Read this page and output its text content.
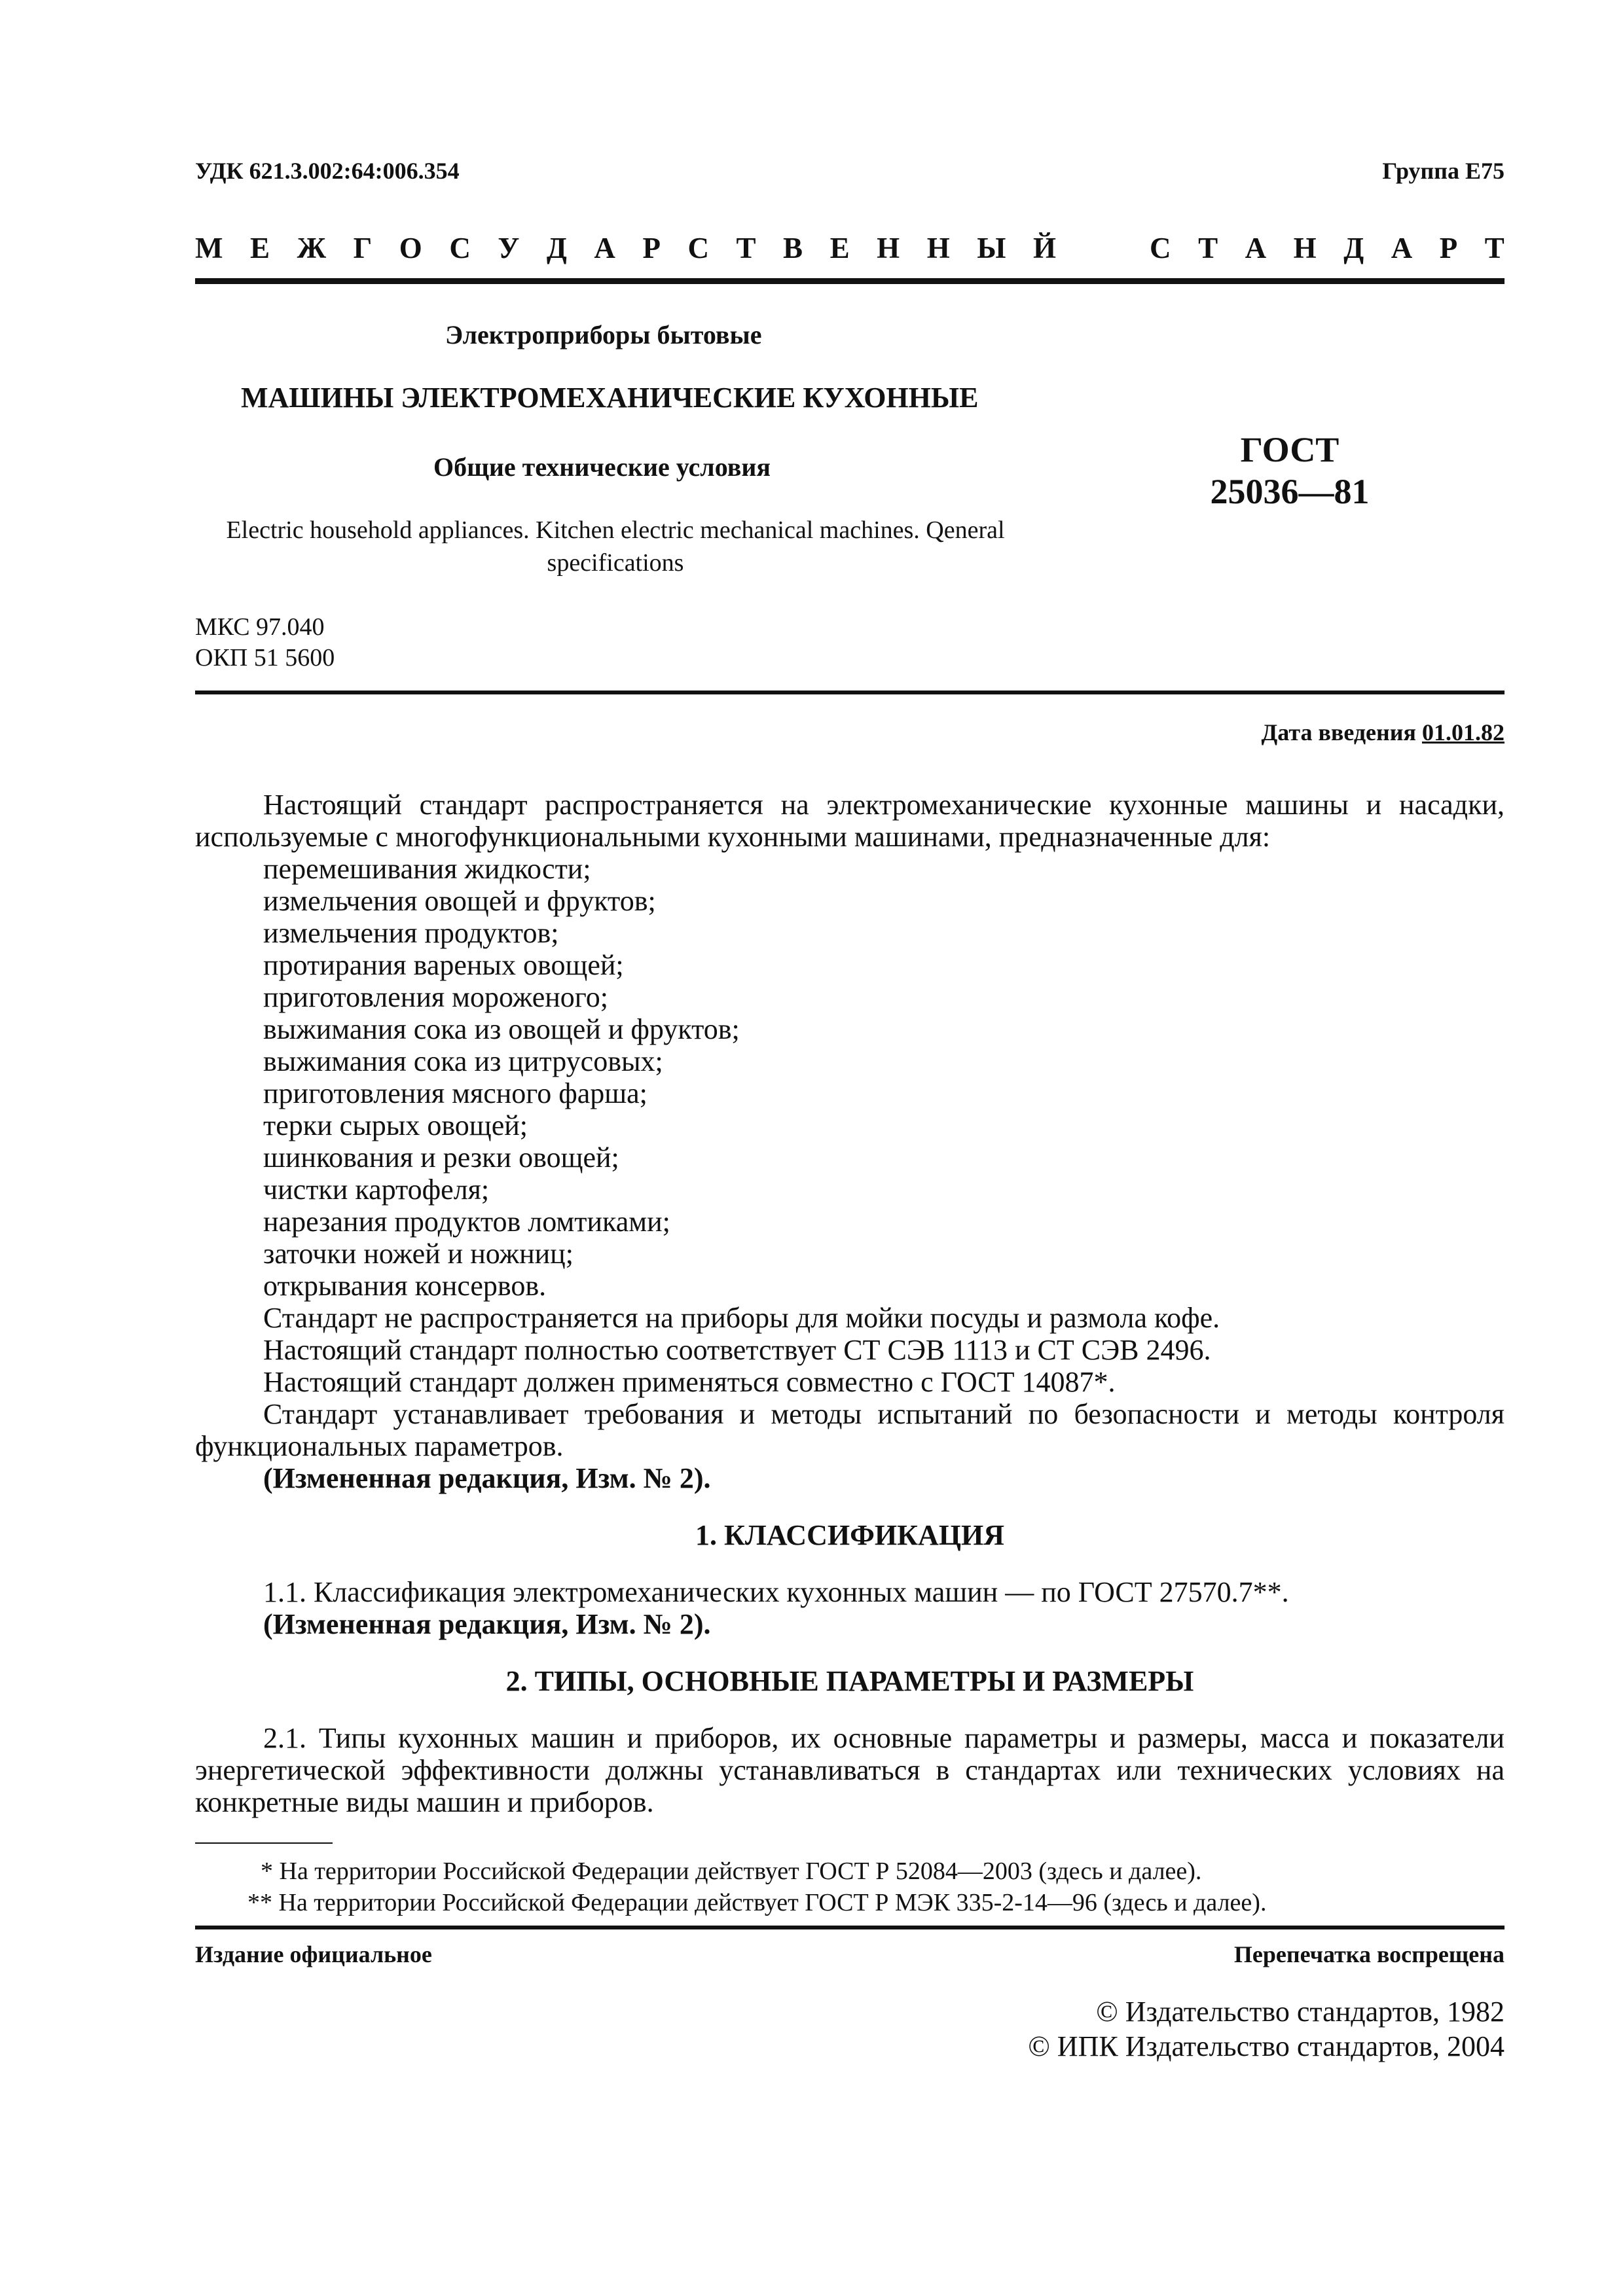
УДК 621.3.002:64:006.354	Группа Е75
М Е Ж Г О С У Д А Р С Т В Е Н Н Ы Й	С Т А Н Д А Р Т
Электроприборы бытовые
МАШИНЫ ЭЛЕКТРОМЕХАНИЧЕСКИЕ КУХОННЫЕ
Общие технические условия	ГОСТ
25036—81
Electric household appliances. Kitchen electric mechanical machines. Qeneral specifications
МКС 97.040
ОКП 51 5600
Дата введения 01.01.82

Настоящий стандарт распространяется на электромеханические кухонные машины и насадки, используемые с многофункциональными кухонными машинами, предназначенные для:

перемешивания жидкости;

измельчения овощей и фруктов;

измельчения продуктов;

протирания вареных овощей;

приготовления мороженого;

выжимания сока из овощей и фруктов;

выжимания сока из цитрусовых;

приготовления мясного фарша;

терки сырых овощей;

шинкования и резки овощей;

чистки картофеля;

нарезания продуктов ломтиками;

заточки ножей и ножниц;

открывания консервов.

Стандарт не распространяется на приборы для мойки посуды и размола кофе.

Настоящий стандарт полностью соответствует СТ СЭВ 1113 и СТ СЭВ 2496.

Настоящий стандарт должен применяться совместно с ГОСТ 14087*.

Стандарт устанавливает требования и методы испытаний по безопасности и методы контроля функциональных параметров.

(Измененная редакция, Изм. № 2).

1. КЛАССИФИКАЦИЯ

1.1. Классификация электромеханических кухонных машин — по ГОСТ 27570.7**.

(Измененная редакция, Изм. № 2).

2. ТИПЫ, ОСНОВНЫЕ ПАРАМЕТРЫ И РАЗМЕРЫ

2.1. Типы кухонных машин и приборов, их основные параметры и размеры, масса и показатели энергетической эффективности должны устанавливаться в стандартах или технических условиях на конкретные виды машин и приборов.

* На территории Российской Федерации действует ГОСТ Р 52084—2003 (здесь и далее).
** На территории Российской Федерации действует ГОСТ Р МЭК 335-2-14—96 (здесь и далее).
Издание официальное	Перепечатка воспрещена
© Издательство стандартов, 1982
© ИПК Издательство стандартов, 2004
